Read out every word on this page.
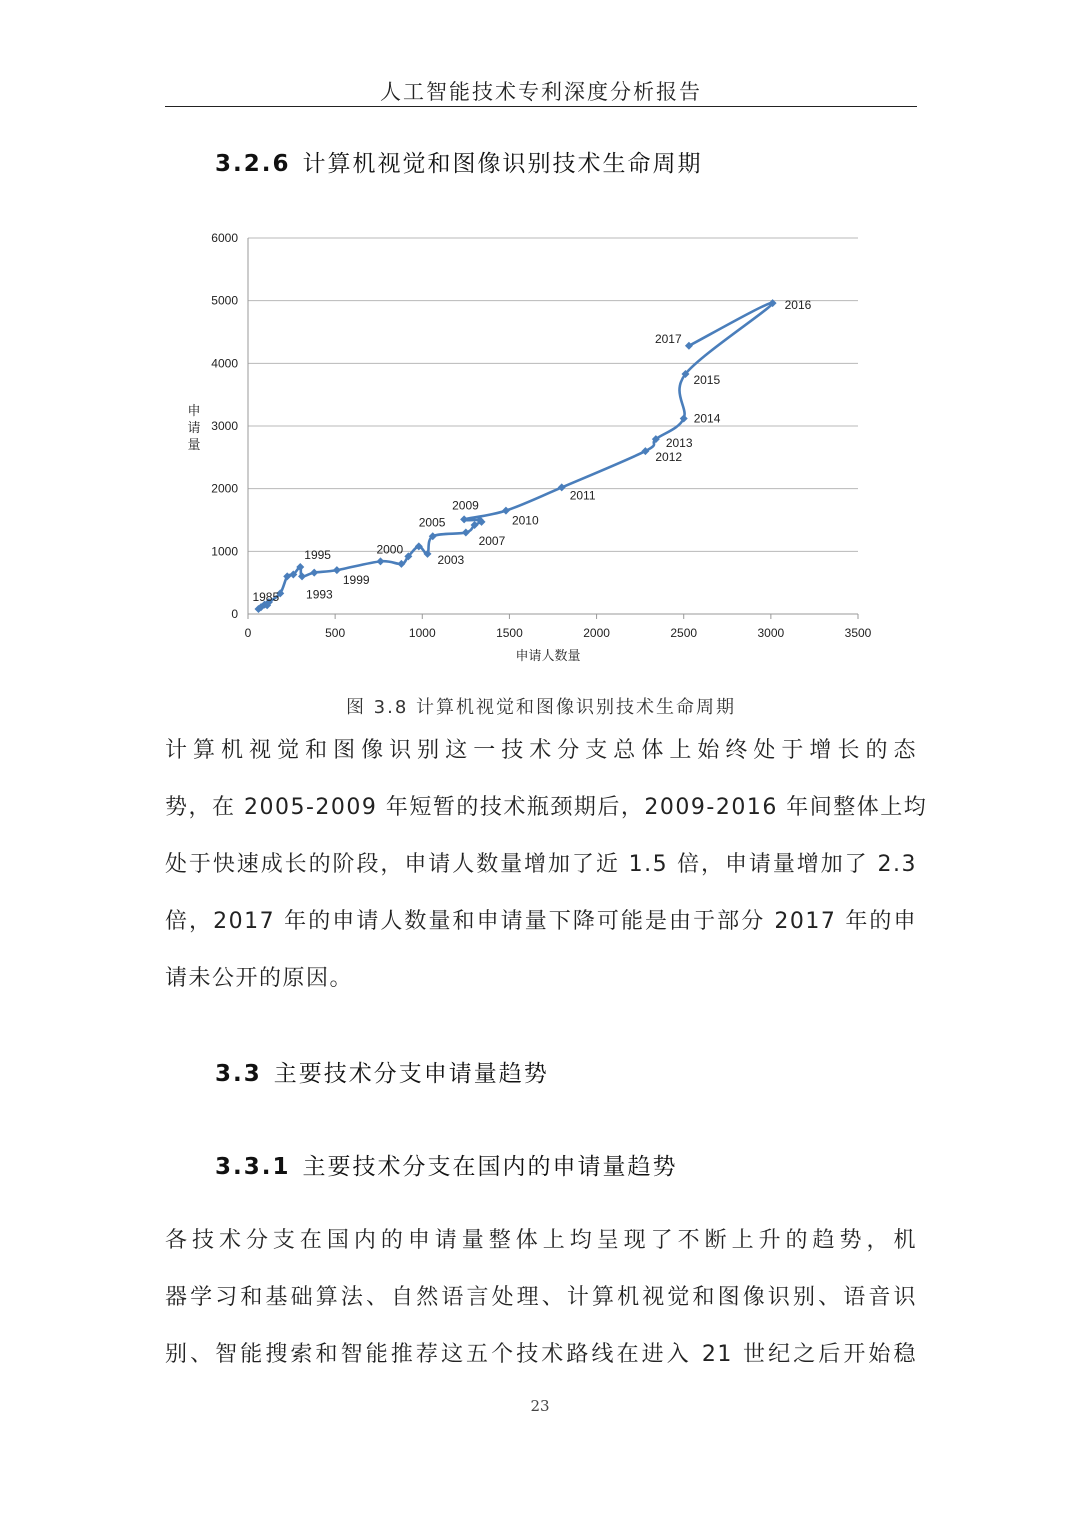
人工智能技术专利深度分析报告
3.2.6 计算机视觉和图像识别技术生命周期
0
1000
2000
3000
4000
5000
6000
0	500	1000	1500	2000	2500	3000	3500
申请人数量
申
请
量
1993
1999
2000
2003
2005
2007
2009
2010
2011
2012
2013
2014
2015
2016
2017
1985
1995
图 3.8 计算机视觉和图像识别技术生命周期
计算机视觉和图像识别这一技术分支总体上始终处于增长的态
势，在 2005-2009 年短暂的技术瓶颈期后，2009-2016 年间整体上均
处于快速成长的阶段，申请人数量增加了近 1.5 倍，申请量增加了 2.3
倍，2017 年的申请人数量和申请量下降可能是由于部分 2017 年的申
请未公开的原因。
3.3 主要技术分支申请量趋势
3.3.1 主要技术分支在国内的申请量趋势
各技术分支在国内的申请量整体上均呈现了不断上升的趋势，机
器学习和基础算法、自然语言处理、计算机视觉和图像识别、语音识
别、智能搜索和智能推荐这五个技术路线在进入 21 世纪之后开始稳
23
